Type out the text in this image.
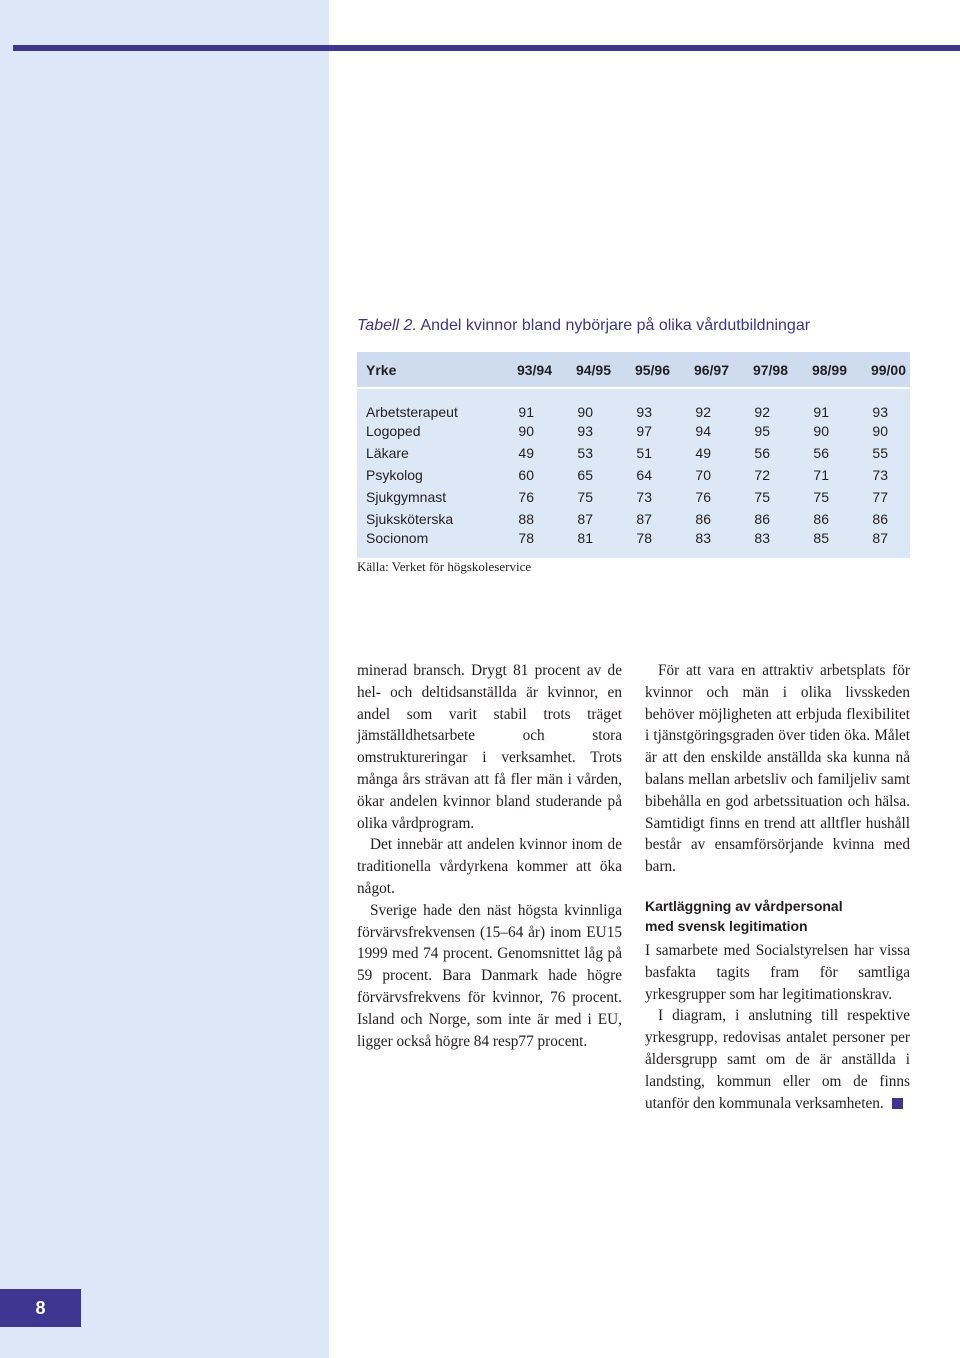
8
Tabell 2. Andel kvinnor bland nybörjare på olika vårdutbildningar
Yrke	93/94	94/95	95/96	96/97	97/98	98/99	99/00
Arbetsterapeut	91	90	93	92	92	91	93
Logoped	90	93	97	94	95	90	90
Läkare	49	53	51	49	56	56	55
Psykolog	60	65	64	70	72	71	73
Sjukgymnast	76	75	73	76	75	75	77
Sjuksköterska	88	87	87	86	86	86	86
Socionom	78	81	78	83	83	85	87
Källa: Verket för högskoleservice

minerad bransch. Drygt 81 procent av de hel- och deltidsanställda är kvinnor, en andel som varit stabil trots träget jämställdhetsarbete och stora omstruktureringar i verksamhet. Trots många års strävan att få fler män i vården, ökar andelen kvinnor bland studerande på olika vårdprogram.

Det innebär att andelen kvinnor inom de traditionella vårdyrkena kommer att öka något.

Sverige hade den näst högsta kvinnliga förvärvsfrekvensen (15–64 år) inom EU15 1999 med 74 procent. Genomsnittet låg på 59 procent. Bara Danmark hade högre förvärvsfrekvens för kvinnor, 76 procent. Island och Norge, som inte är med i EU, ligger också högre 84 resp77 procent.

För att vara en attraktiv arbetsplats för kvinnor och män i olika livsskeden behöver möjligheten att erbjuda flexibilitet i tjänstgöringsgraden över tiden öka. Målet är att den enskilde anställda ska kunna nå balans mellan arbetsliv och familjeliv samt bibehålla en god arbetssituation och hälsa. Samtidigt finns en trend att alltfler hushåll består av ensamförsörjande kvinna med barn.

Kartläggning av vårdpersonal
med svensk legitimation

I samarbete med Socialstyrelsen har vissa basfakta tagits fram för samtliga yrkesgrupper som har legitimationskrav.

I diagram, i anslutning till respektive yrkesgrupp, redovisas antalet personer per åldersgrupp samt om de är anställda i landsting, kommun eller om de finns utanför den kommunala verksamheten.
